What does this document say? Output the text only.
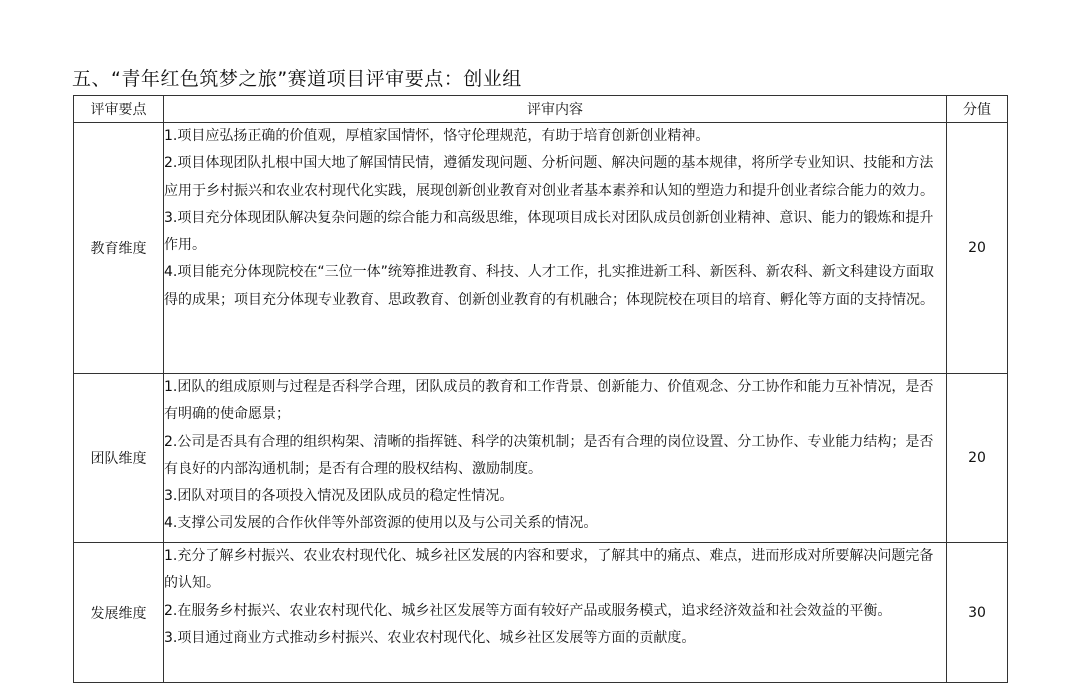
五、“青年红色筑梦之旅”赛道项目评审要点：创业组
评审要点	评审内容	分值
教育维度	1.项目应弘扬正确的价值观，厚植家国情怀，恪守伦理规范，有助于培育创新创业精神。
2.项目体现团队扎根中国大地了解国情民情，遵循发现问题、分析问题、解决问题的基本规律，将所学专业知识、技能和方法应用于乡村振兴和农业农村现代化实践，展现创新创业教育对创业者基本素养和认知的塑造力和提升创业者综合能力的效力。
3.项目充分体现团队解决复杂问题的综合能力和高级思维，体现项目成长对团队成员创新创业精神、意识、能力的锻炼和提升作用。
4.项目能充分体现院校在“三位一体”统筹推进教育、科技、人才工作，扎实推进新工科、新医科、新农科、新文科建设方面取得的成果；项目充分体现专业教育、思政教育、创新创业教育的有机融合；体现院校在项目的培育、孵化等方面的支持情况。	20
团队维度	1.团队的组成原则与过程是否科学合理，团队成员的教育和工作背景、创新能力、价值观念、分工协作和能力互补情况，是否有明确的使命愿景；
2.公司是否具有合理的组织构架、清晰的指挥链、科学的决策机制；是否有合理的岗位设置、分工协作、专业能力结构；是否有良好的内部沟通机制；是否有合理的股权结构、激励制度。
3.团队对项目的各项投入情况及团队成员的稳定性情况。
4.支撑公司发展的合作伙伴等外部资源的使用以及与公司关系的情况。	20
发展维度	1.充分了解乡村振兴、农业农村现代化、城乡社区发展的内容和要求，了解其中的痛点、难点，进而形成对所要解决问题完备的认知。
2.在服务乡村振兴、农业农村现代化、城乡社区发展等方面有较好产品或服务模式，追求经济效益和社会效益的平衡。
3.项目通过商业方式推动乡村振兴、农业农村现代化、城乡社区发展等方面的贡献度。	30
